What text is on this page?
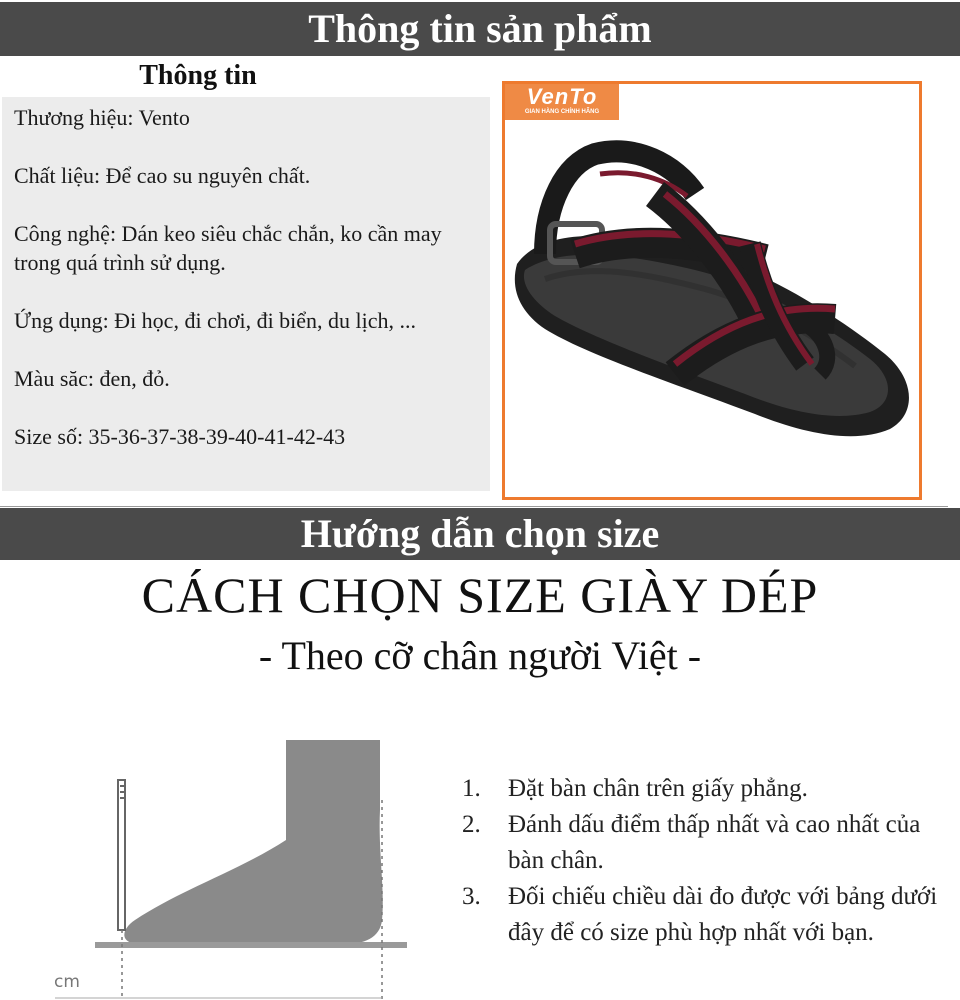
Thông tin sản phẩm
Thông tin

Thương hiệu: Vento

Chất liệu: Để cao su nguyên chất.

Công nghệ: Dán keo siêu chắc chắn, ko cần may trong quá trình sử dụng.

Ứng dụng: Đi học, đi chơi, đi biển, du lịch, ...

Màu săc: đen, đỏ.

Size số: 35-36-37-38-39-40-41-42-43

VenTo
GIAN HÀNG CHÍNH HÃNG
Hướng dẫn chọn size
CÁCH CHỌN SIZE GIÀY DÉP
- Theo cỡ chân người Việt -
cm
1.	Đặt bàn chân trên giấy phẳng.
2.	Đánh dấu điểm thấp nhất và cao nhất của bàn chân.
3.	Đối chiếu chiều dài đo được với bảng dưới đây để có size phù hợp nhất với bạn.
